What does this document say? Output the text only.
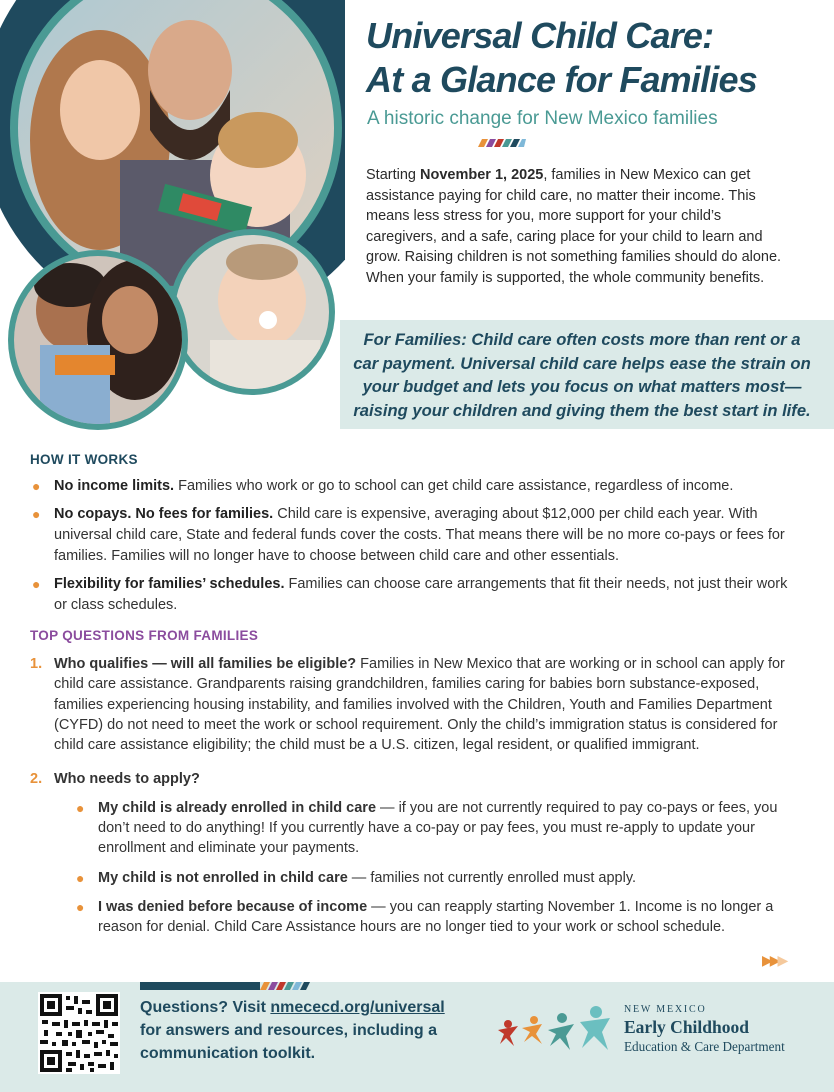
Universal Child Care:
At a Glance for Families
A historic change for New Mexico families
Starting November 1, 2025, families in New Mexico can get assistance paying for child care, no matter their income. This means less stress for you, more support for your child’s caregivers, and a safe, caring place for your child to learn and grow. Raising children is not something families should do alone. When your family is supported, the whole community benefits.
For Families: Child care often costs more than rent or a car payment. Universal child care helps ease the strain on your budget and lets you focus on what matters most—raising your children and giving them the best start in life.
HOW IT WORKS
● No income limits. Families who work or go to school can get child care assistance, regardless of income.
● No copays. No fees for families. Child care is expensive, averaging about $12,000 per child each year. With universal child care, State and federal funds cover the costs. That means there will be no more co-pays or fees for families. Families will no longer have to choose between child care and other essentials.
● Flexibility for families’ schedules. Families can choose care arrangements that fit their needs, not just their work or class schedules.
TOP QUESTIONS FROM FAMILIES
1. Who qualifies — will all families be eligible? Families in New Mexico that are working or in school can apply for child care assistance. Grandparents raising grandchildren, families caring for babies born substance-exposed, families experiencing housing instability, and families involved with the Children, Youth and Families Department (CYFD) do not need to meet the work or school requirement. Only the child’s immigration status is considered for child care assistance eligibility; the child must be a U.S. citizen, legal resident, or qualified immigrant.
2. Who needs to apply?
● My child is already enrolled in child care — if you are not currently required to pay co-pays or fees, you don’t need to do anything! If you currently have a co-pay or pay fees, you must re-apply to update your enrollment and eliminate your payments.
● My child is not enrolled in child care — families not currently enrolled must apply.
● I was denied before because of income — you can reapply starting November 1. Income is no longer a reason for denial. Child Care Assistance hours are no longer tied to your work or school schedule.
▶▶▶
Questions? Visit nmececd.org/universal
for answers and resources, including a communication toolkit.
NEW MEXICO
Early Childhood
Education & Care Department
